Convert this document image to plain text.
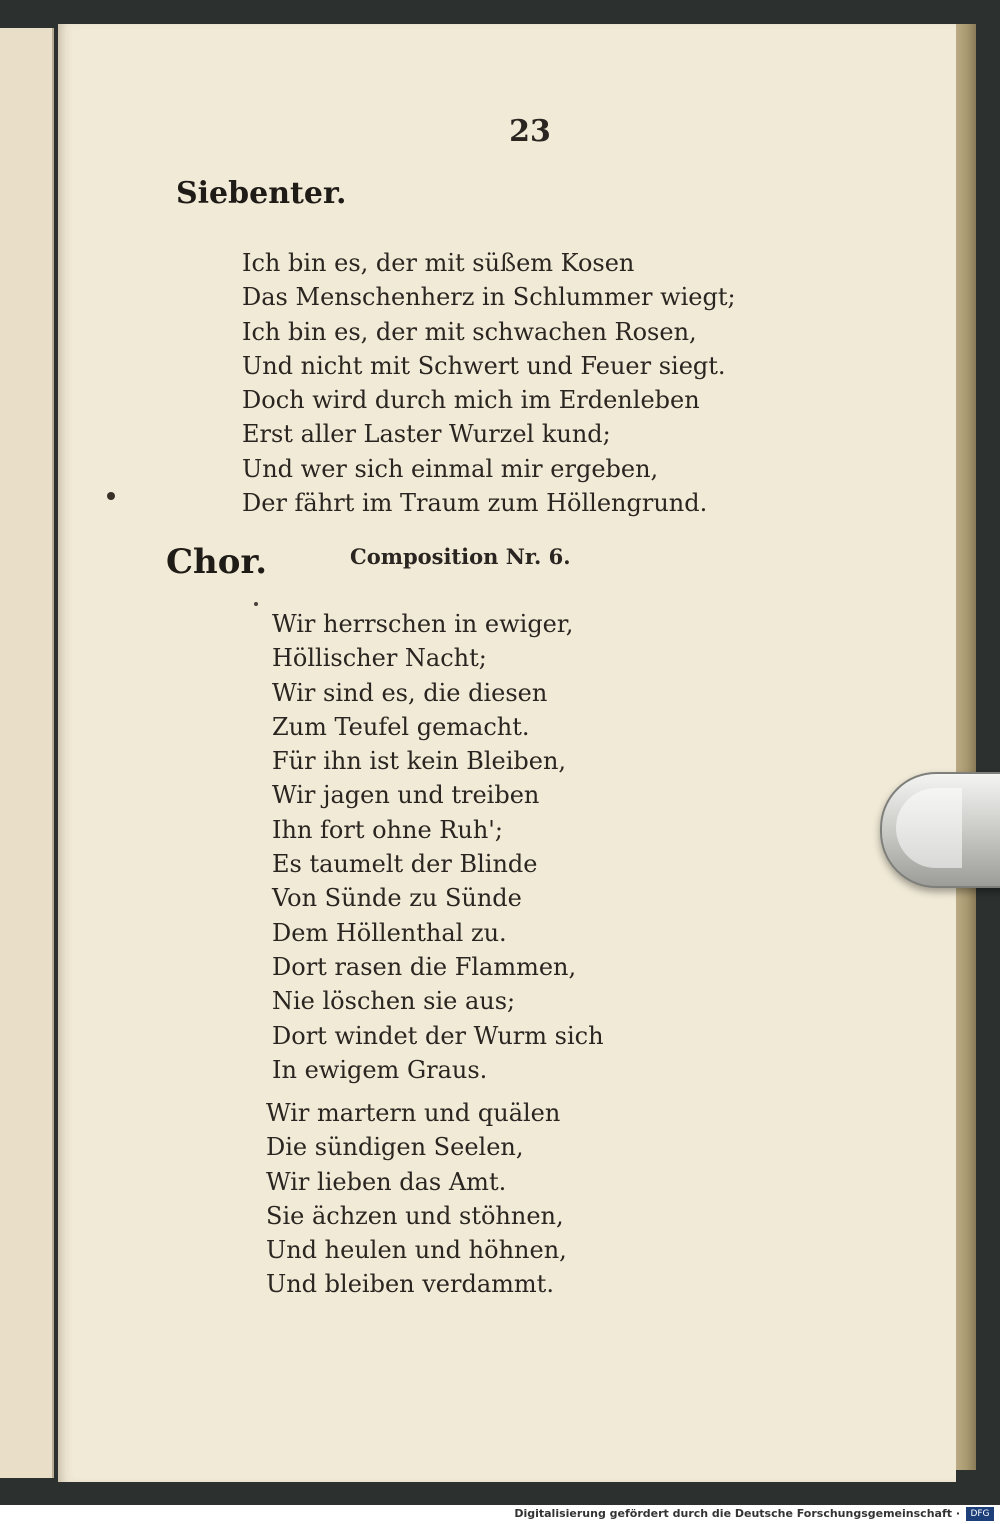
23
Siebenter.
Ich bin es, der mit süßem Kosen
Das Menschenherz in Schlummer wiegt;
Ich bin es, der mit schwachen Rosen,
Und nicht mit Schwert und Feuer siegt.
Doch wird durch mich im Erdenleben
Erst aller Laster Wurzel kund;
Und wer sich einmal mir ergeben,
Der fährt im Traum zum Höllengrund.
Composition Nr. 6.
Chor.
Wir herrschen in ewiger,
Höllischer Nacht;
Wir sind es, die diesen
Zum Teufel gemacht.
Für ihn ist kein Bleiben,
Wir jagen und treiben
Ihn fort ohne Ruh';
Es taumelt der Blinde
Von Sünde zu Sünde
Dem Höllenthal zu.
Dort rasen die Flammen,
Nie löschen sie aus;
Dort windet der Wurm sich
In ewigem Graus.
Wir martern und quälen
Die sündigen Seelen,
Wir lieben das Amt.
Sie ächzen und stöhnen,
Und heulen und höhnen,
Und bleiben verdammt.
Digitalisierung gefördert durch die Deutsche Forschungsgemeinschaft ·	DFG
